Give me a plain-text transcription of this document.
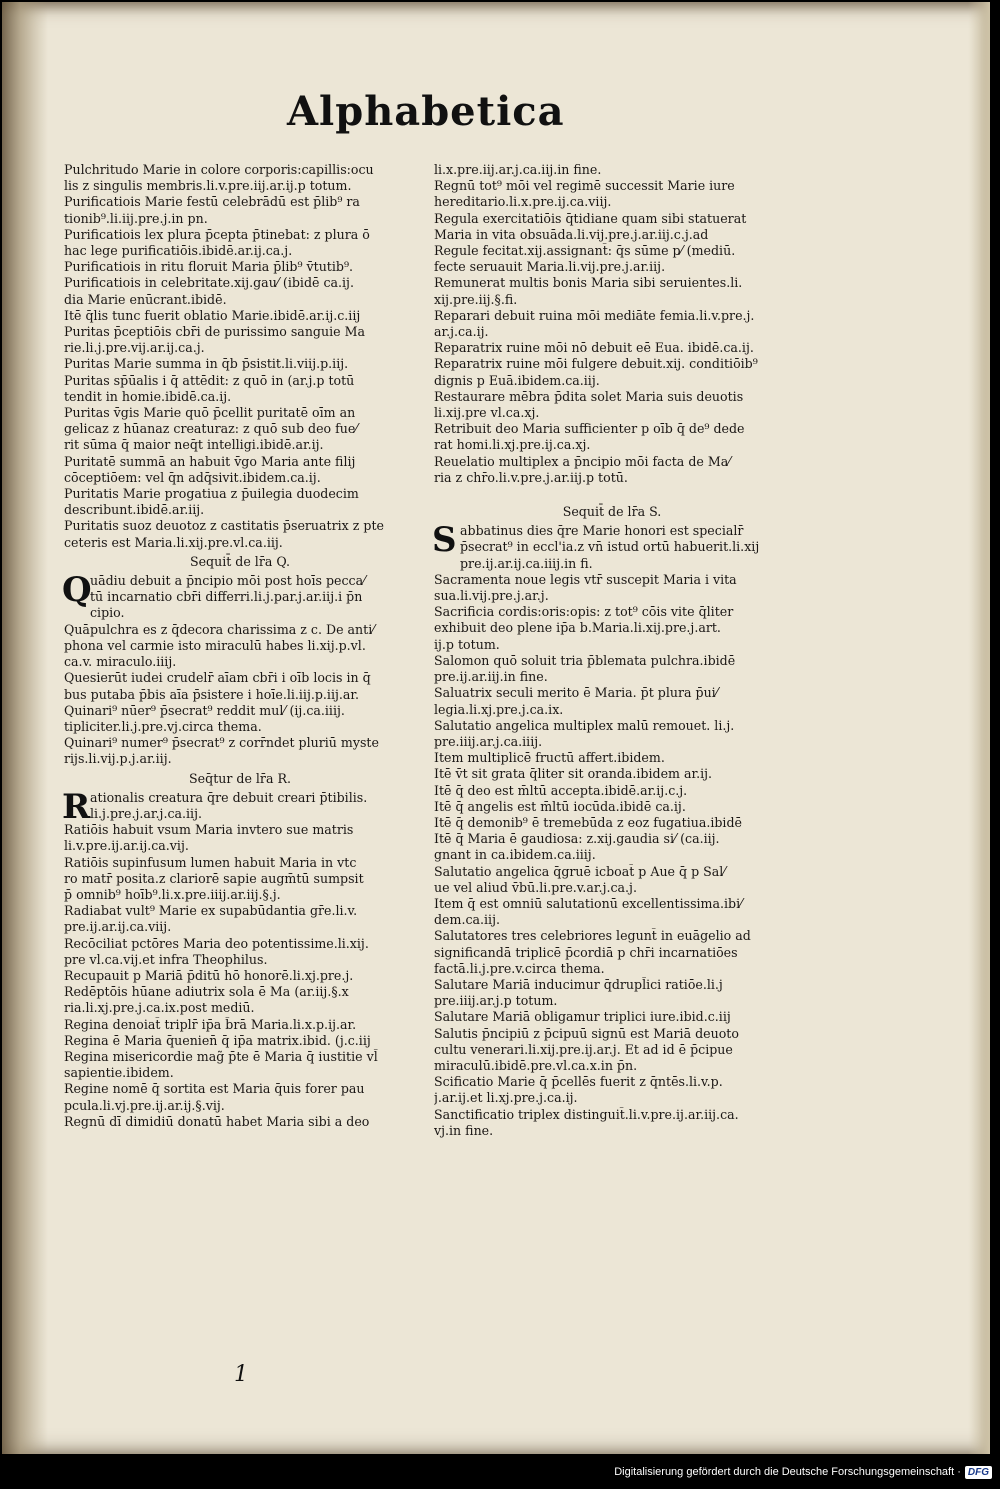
Alphabetica
Pulchritudo Marie in colore corporis:capillis:ocu
lis z singulis membris.li.v.pre.iij.ar.ij.p totum.
Purificatiois Marie festū celebrādū est p̄lib⁹ ra
tionib⁹.li.iij.pre.j.in pn.
Purificatiois lex plura p̄cepta p̄tinebat: z plura ō
hac lege purificatiōis.ibidē.ar.ij.ca.j.
Purificatiois in ritu floruit Maria p̄lib⁹ v̄tutib⁹.
Purificatiois in celebritate.xij.gau⁄ (ibidē ca.ij.
dia Marie enūcrant.ibidē.
Itē q̄lis tunc fuerit oblatio Marie.ibidē.ar.ij.c.iij
Puritas p̄ceptiōis cbr̄i de purissimo sanguie Ma
rie.li.j.pre.vij.ar.ij.ca.j.
Puritas Marie summa in q̄b p̄sistit.li.viij.p.iij.
Puritas sp̄ūalis i q̄ attēdit: z quō in (ar.j.p totū
tendit in homie.ibidē.ca.ij.
Puritas v̄gis Marie quō p̄cellit puritatē oīm an
gelicaz z hūanaz creaturaz: z quō sub deo fue⁄
rit sūma q̄ maior neq̄t intelligi.ibidē.ar.ij.
Puritatē summā an habuit v̄go Maria ante filij
cōceptiōem: vel q̄n adq̄sivit.ibidem.ca.ij.
Puritatis Marie progatiua z p̄uilegia duodecim
describunt.ibidē.ar.iij.
Puritatis suoz deuotoz z castitatis p̄seruatrix z pte
ceteris est Maria.li.xij.pre.vl.ca.iij.
Sequit̄ de lr̄a Q.
Q
uādiu debuit a p̄ncipio mōi post hoīs pecca⁄
tū incarnatio cbr̄i differri.li.j.par.j.ar.iij.i p̄n
cipio.
Quāpulchra es z q̄decora charissima z c. De anti⁄
phona vel carmie isto miraculū habes li.xij.p.vl.
ca.v. miraculo.iiij.
Quesierūt iudei crudelr̄ aīam cbr̄i i oīb locis in q̄
bus putaba p̄bis aīa p̄sistere i hoīe.li.iij.p.iij.ar.
Quinari⁹ nūer⁹ p̄secrat⁹ reddit mul⁄ (ij.ca.iiij.
tipliciter.li.j.pre.vj.circa thema.
Quinari⁹ numer⁹ p̄secrat⁹ z corr̄ndet pluriū myste
rijs.li.vij.p.j.ar.iij.
Seq̄tur de lr̄a R.
R ationalis creatura q̄re debuit creari p̄tibilis.
li.j.pre.j.ar.j.ca.iij.
Ratiōis habuit vsum Maria invtero sue matris
li.v.pre.ij.ar.ij.ca.vij.
Ratiōis supinfusum lumen habuit Maria in vtc
ro matr̄ posita.z clariorē sapie augm̄tū sumpsit
p̄ omnib⁹ hoīb⁹.li.x.pre.iiij.ar.iij.§.j.
Radiabat vult⁹ Marie ex supabūdantia gr̄e.li.v.
pre.ij.ar.ij.ca.viij.
Recōciliat pctōres Maria deo potentissime.li.xij.
pre vl.ca.vij.et infra Theophilus.
Recupauit p Mariā p̄ditū hō honorē.li.xj.pre.j.
Redēptōis hūane adiutrix sola ē Ma (ar.iij.§.x
ria.li.xj.pre.j.ca.ix.post mediū.
Regina denoiat̄ triplr̄ ip̄a b̄rā Maria.li.x.p.ij.ar.
Regina ē Maria q̄uenien̄ q̄ ip̄a matrix.ibid. (j.c.iij
Regina misericordie mag̃ p̄te ē Maria q̄ iustitie vl̄
sapientie.ibidem.
Regine nomē q̄ sortita est Maria q̄uis forer pau
pcula.li.vj.pre.ij.ar.ij.§.vij.
Regnū dī dimidiū donatū habet Maria sibi a deo
li.x.pre.iij.ar.j.ca.iij.in fine.
Regnū tot⁹ mōi vel regimē successit Marie iure
hereditario.li.x.pre.ij.ca.viij.
Regula exercitatiōis q̄tidiane quam sibi statuerat
Maria in vita obsuāda.li.vij.pre.j.ar.iij.c.j.ad
Regule fecitat.xij.assignant̄: q̄s sūme p⁄ (mediū.
fecte seruauit Maria.li.vij.pre.j.ar.iij.
Remunerat multis bonis Maria sibi seruientes.li.
xij.pre.iij.§.fi.
Reparari debuit ruina mōi mediāte femia.li.v.pre.j.
ar.j.ca.ij.
Reparatrix ruine mōi nō debuit eē Eua. ibidē.ca.ij.
Reparatrix ruine mōi fulgere debuit.xij. conditiōib⁹
dignis p Euā.ibidem.ca.iij.
Restaurare mēbra p̄dita solet Maria suis deuotis
li.xij.pre vl.ca.xj.
Retribuit deo Maria sufficienter p oīb q̄ de⁹ dede
rat homi.li.xj.pre.ij.ca.xj.
Reuelatio multiplex a p̄ncipio mōi facta de Ma⁄
ria z chr̄o.li.v.pre.j.ar.iij.p totū.
Sequit̄ de lr̄a S.
S abbatinus dies q̄re Marie honori est specialr̄
p̄secrat⁹ in eccl'ia.z vn̄ istud ortū habuerit.li.xij
pre.ij.ar.ij.ca.iiij.in fi.
Sacramenta noue legis vtr̄ suscepit Maria i vita
sua.li.vij.pre.j.ar.j.
Sacrificia cordis:oris:opis: z tot⁹ cōis vite q̄liter
exhibuit deo plene ip̄a b.Maria.li.xij.pre.j.art.
ij.p totum.
Salomon quō soluit tria p̄blemata pulchra.ibidē
pre.ij.ar.iij.in fine.
Saluatrix seculi merito ē Maria. p̄t plura p̄ui⁄
legia.li.xj.pre.j.ca.ix.
Salutatio angelica multiplex malū remouet. li.j.
pre.iiij.ar.j.ca.iiij.
Item multiplicē fructū affert.ibidem.
Itē v̄t sit grata q̄liter sit oranda.ibidem ar.ij.
Itē q̄ deo est m̄ltū accepta.ibidē.ar.ij.c.j.
Itē q̄ angelis est m̄ltū iocūda.ibidē ca.ij.
Itē q̄ demonib⁹ ē tremebūda z eoz fugatiua.ibidē
Itē q̄ Maria ē gaudiosa: z.xij.gaudia si⁄ (ca.iij.
gnant in ca.ibidem.ca.iiij.
Salutatio angelica q̄gruē icboat̄ p Aue q̄ p Sal⁄
ue vel aliud v̄bū.li.pre.v.ar.j.ca.j.
Item q̄ est omniū salutationū excellentissima.ibi⁄
dem.ca.iij.
Salutatores tres celebriores legunt̄ in euāgelio ad
significandā triplicē p̄cordiā p chr̄i incarnatiōes
factā.li.j.pre.v.circa thema.
Salutare Mariā inducimur q̄drupl̄ici ratiōe.li.j
pre.iiij.ar.j.p totum.
Salutare Mariā obligamur triplici iure.ibid.c.iij
Salutis p̄ncipiū z p̄cipuū signū est Mariā deuoto
cultu venerari.li.xij.pre.ij.ar.j. Et ad id ē p̄cipue
miraculū.ibidē.pre.vl.ca.x.in p̄n.
Scificatio Marie q̄ p̄cellēs fuerit z q̄ntēs.li.v.p.
j.ar.ij.et li.xj.pre.j.ca.ij.
Sanctificatio triplex distinguit̄.li.v.pre.ij.ar.iij.ca.
vj.in fine.
1
Digitalisierung gefördert durch die Deutsche Forschungsgemeinschaft · DFG
